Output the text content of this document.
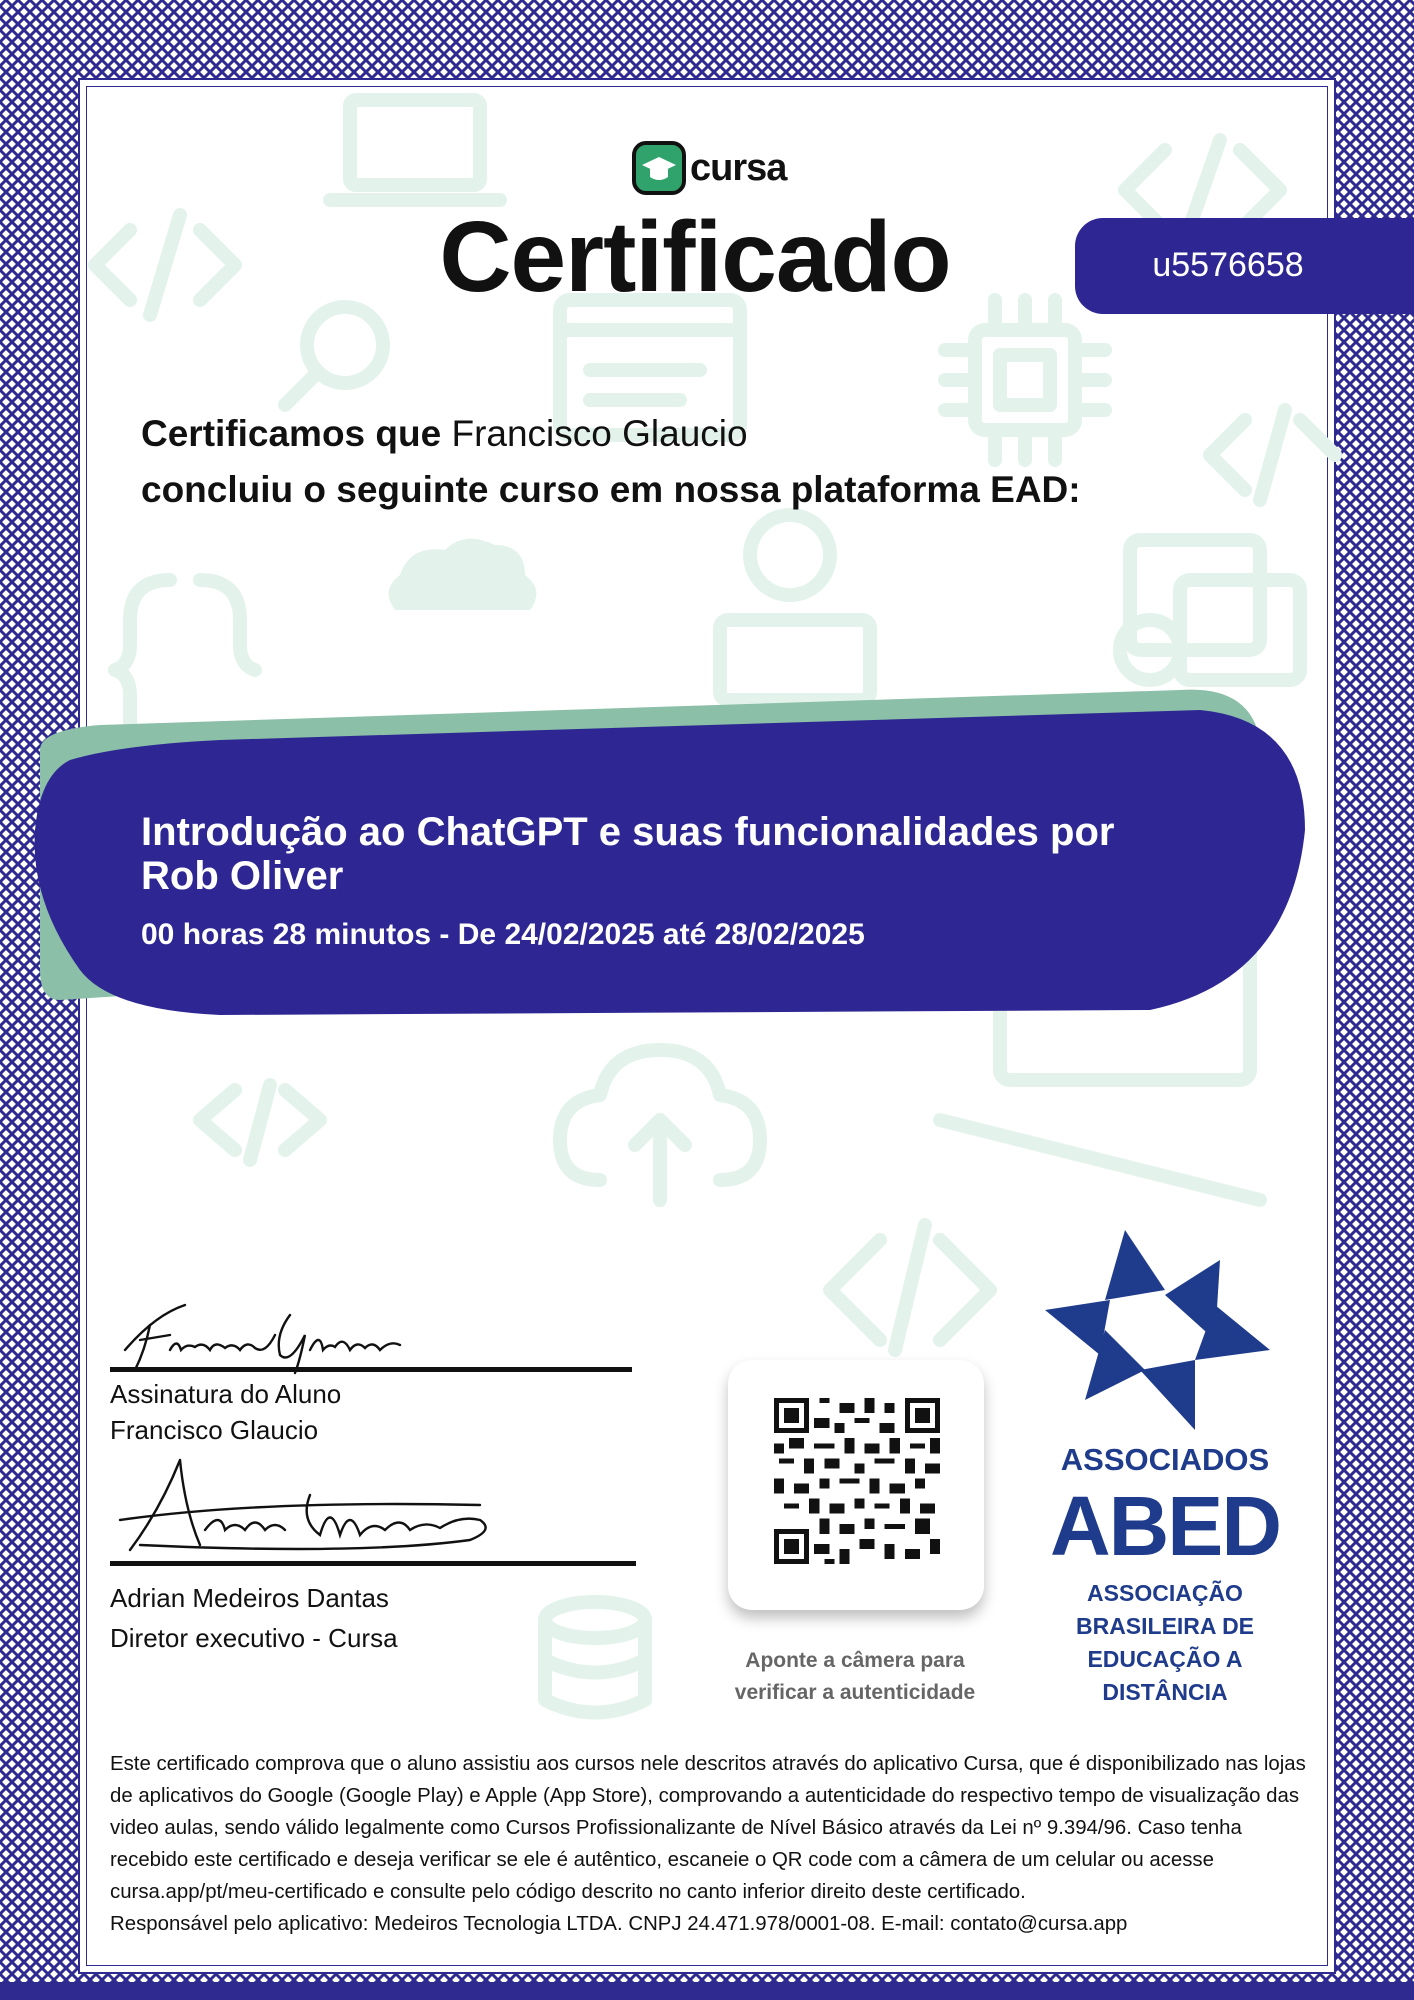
cursa
Certificado	u5576658
Certificamos que Francisco Glaucio
concluiu o seguinte curso em nossa plataforma EAD:
Introdução ao ChatGPT e suas funcionalidades por Rob Oliver
00 horas 28 minutos - De 24/02/2025 até 28/02/2025
Assinatura do Aluno
Francisco Glaucio
Adrian Medeiros Dantas
Diretor executivo - Cursa
Aponte a câmera para
verificar a autenticidade
ASSOCIADOS
ABED
ASSOCIAÇÃO
BRASILEIRA DE
EDUCAÇÃO A
DISTÂNCIA
Este certificado comprova que o aluno assistiu aos cursos nele descritos através do aplicativo Cursa, que é disponibilizado nas lojas de aplicativos do Google (Google Play) e Apple (App Store), comprovando a autenticidade do respectivo tempo de visualização das video aulas, sendo válido legalmente como Cursos Profissionalizante de Nível Básico através da Lei nº 9.394/96. Caso tenha recebido este certificado e deseja verificar se ele é autêntico, escaneie o QR code com a câmera de um celular ou acesse cursa.app/pt/meu-certificado e consulte pelo código descrito no canto inferior direito deste certificado.
Responsável pelo aplicativo: Medeiros Tecnologia LTDA. CNPJ 24.471.978/0001-08. E-mail: contato@cursa.app
